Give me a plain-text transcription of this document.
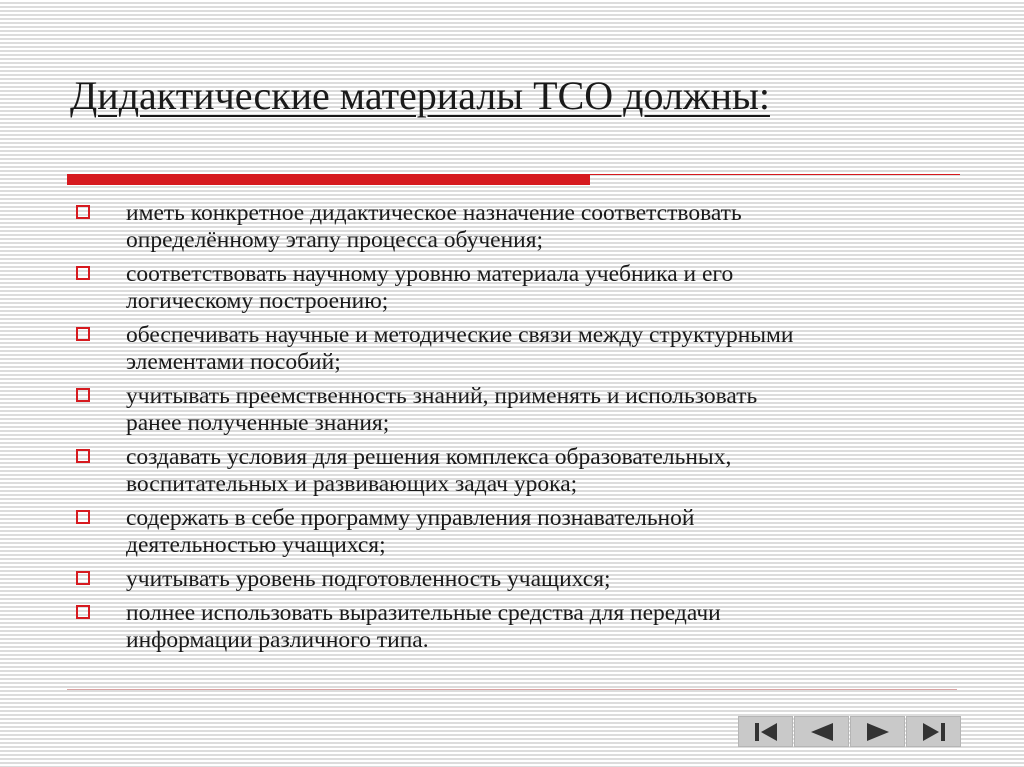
Дидактические материалы ТСО должны:
иметь конкретное дидактическое назначение соответствовать
определённому этапу процесса обучения;
соответствовать научному уровню материала учебника и его
логическому построению;
обеспечивать научные и методические связи между структурными
элементами пособий;
учитывать преемственность знаний, применять и использовать
ранее полученные знания;
создавать условия для решения комплекса образовательных,
воспитательных и развивающих задач урока;
содержать в себе программу управления познавательной
деятельностью учащихся;
учитывать уровень подготовленность учащихся;
полнее использовать выразительные средства для передачи
информации различного типа.
